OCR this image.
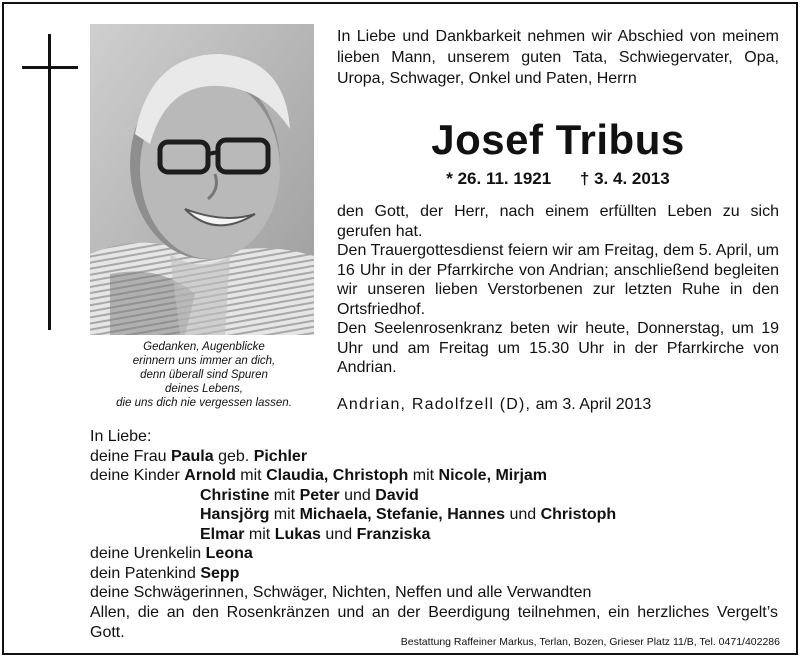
Gedanken, Augenblicke
erinnern uns immer an dich,
denn überall sind Spuren
deines Lebens,
die uns dich nie vergessen lassen.
In Liebe und Dankbarkeit nehmen wir Abschied von meinem lieben Mann, unserem guten Tata, Schwiegervater, Opa, Uropa, Schwager, Onkel und Paten, Herrn
Josef Tribus
* 26. 11. 1921 † 3. 4. 2013

den Gott, der Herr, nach einem erfüllten Leben zu sich gerufen hat.

Den Trauergottesdienst feiern wir am Freitag, dem 5. April, um 16 Uhr in der Pfarrkirche von Andrian; anschließend begleiten wir unseren lieben Verstorbenen zur letzten Ruhe in den Ortsfriedhof.

Den Seelenrosenkranz beten wir heute, Donnerstag, um 19 Uhr und am Freitag um 15.30 Uhr in der Pfarrkirche von Andrian.

Andrian, Radolfzell (D), am 3. April 2013
In Liebe:
deine Frau Paula geb. Pichler
deine Kinder Arnold mit Claudia, Christoph mit Nicole, Mirjam
Christine mit Peter und David
Hansjörg mit Michaela, Stefanie, Hannes und Christoph
Elmar mit Lukas und Franziska
deine Urenkelin Leona
dein Patenkind Sepp
deine Schwägerinnen, Schwäger, Nichten, Neffen und alle Verwandten
Allen, die an den Rosenkränzen und an der Beerdigung teilnehmen, ein herzliches Vergelt’s Gott.
Bestattung Raffeiner Markus, Terlan, Bozen, Grieser Platz 11/B, Tel. 0471/402286
